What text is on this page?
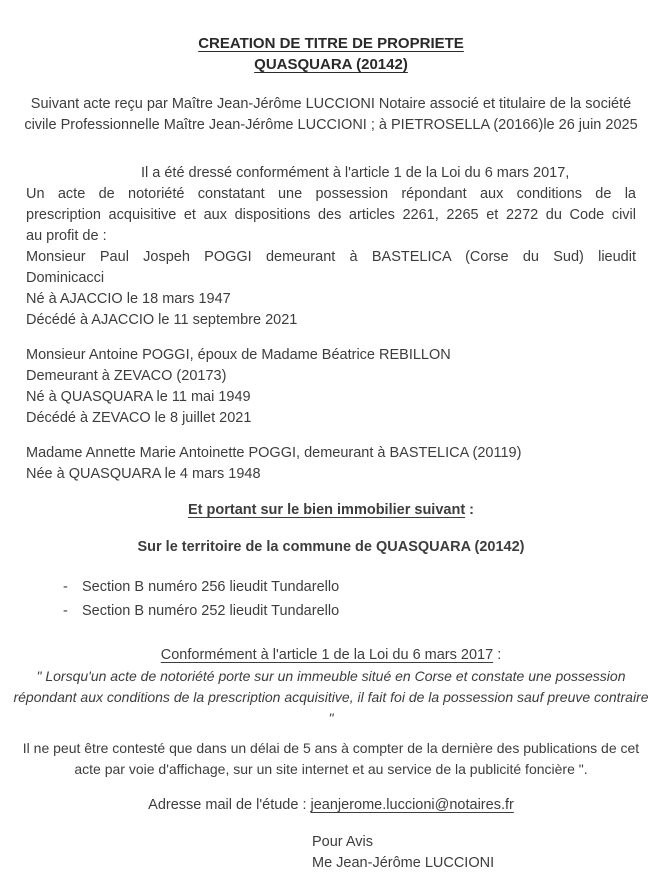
CREATION DE TITRE DE PROPRIETE
QUASQUARA (20142)
Suivant acte reçu par Maître Jean-Jérôme LUCCIONI Notaire associé et titulaire de la société
civile Professionnelle Maître Jean-Jérôme LUCCIONI ; à PIETROSELLA (20166)le 26 juin 2025
Il a été dressé conformément à l'article 1 de la Loi du 6 mars 2017,
Un acte de notoriété constatant une possession répondant aux conditions de la
prescription acquisitive et aux dispositions des articles 2261, 2265 et 2272 du Code civil
au profit de :
Monsieur Paul Jospeh POGGI demeurant à BASTELICA (Corse du Sud) lieudit
Dominicacci
Né à AJACCIO le 18 mars 1947
Décédé à AJACCIO le 11 septembre 2021
Monsieur Antoine POGGI, époux de Madame Béatrice REBILLON
Demeurant à ZEVACO (20173)
Né à QUASQUARA le 11 mai 1949
Décédé à ZEVACO le 8 juillet 2021
Madame Annette Marie Antoinette POGGI, demeurant à BASTELICA (20119)
Née à QUASQUARA le 4 mars 1948
Et portant sur le bien immobilier suivant :
Sur le territoire de la commune de QUASQUARA (20142)
- Section B numéro 256 lieudit Tundarello
- Section B numéro 252 lieudit Tundarello
Conformément à l'article 1 de la Loi du 6 mars 2017 :
" Lorsqu'un acte de notoriété porte sur un immeuble situé en Corse et constate une possession
répondant aux conditions de la prescription acquisitive, il fait foi de la possession sauf preuve contraire
"
Il ne peut être contesté que dans un délai de 5 ans à compter de la dernière des publications de cet
acte par voie d'affichage, sur un site internet et au service de la publicité foncière ".
Adresse mail de l'étude : jeanjerome.luccioni@notaires.fr
Pour Avis
Me Jean-Jérôme LUCCIONI
